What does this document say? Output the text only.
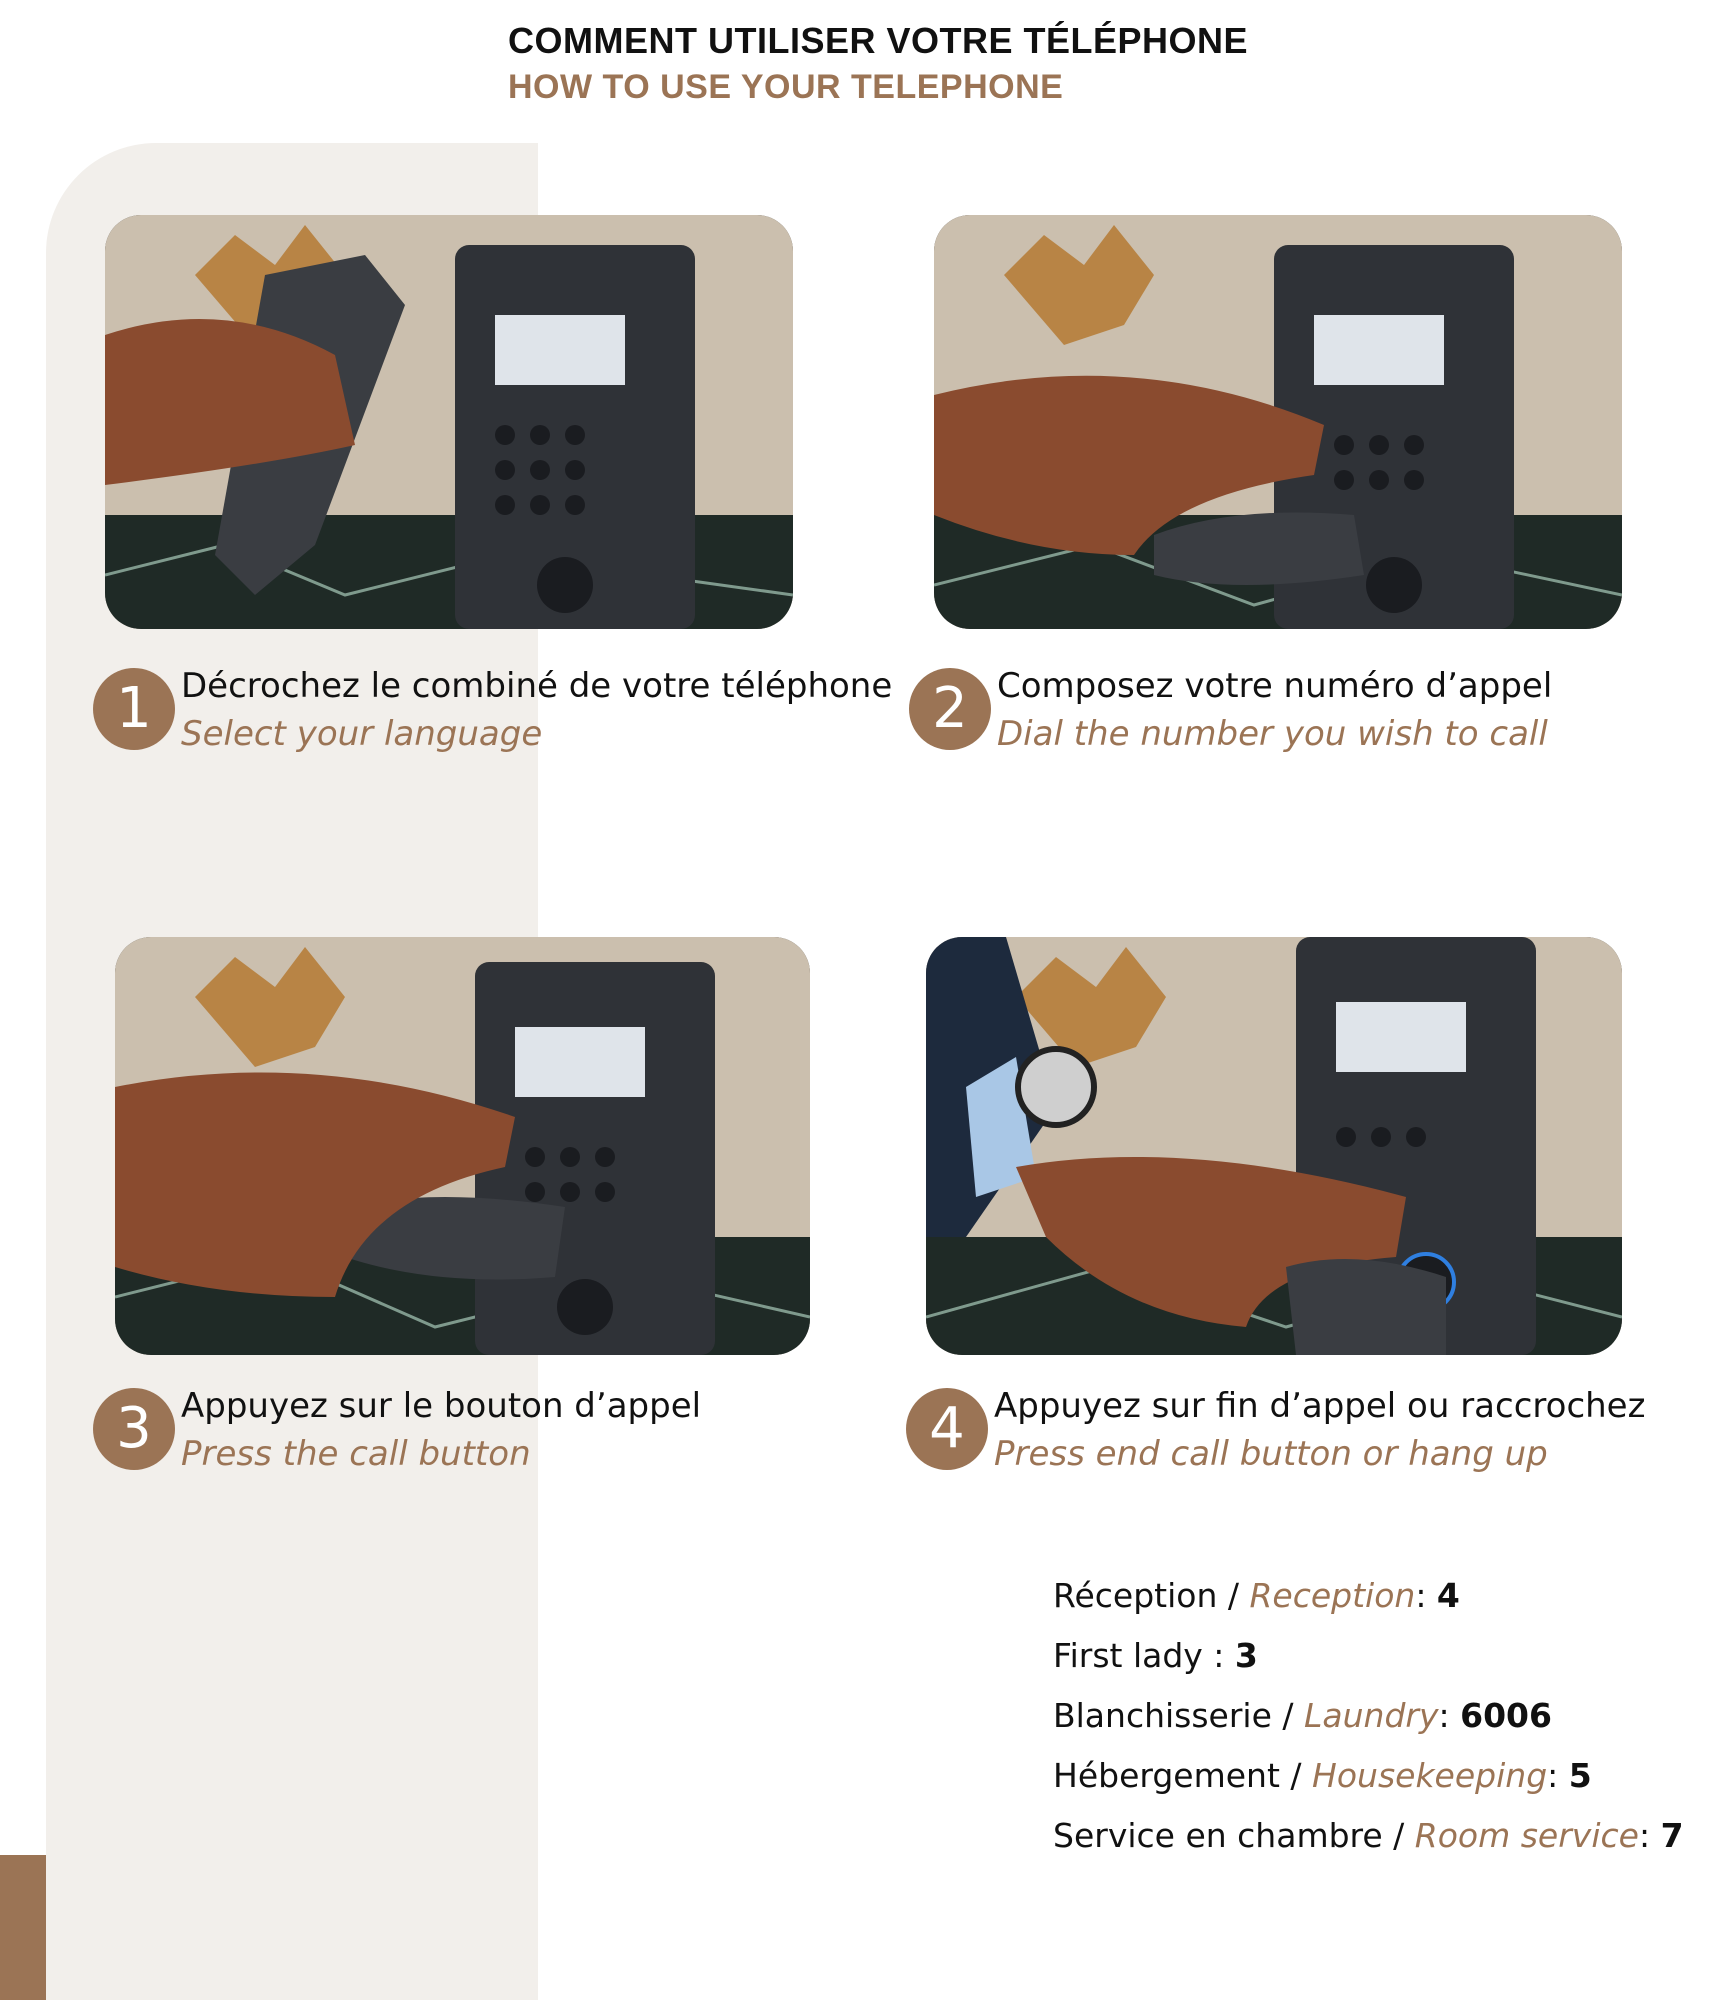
COMMENT UTILISER VOTRE TÉLÉPHONE
HOW TO USE YOUR TELEPHONE
1 Décrochez le combiné de votre téléphone
Select your language	2 Composez votre numéro d’appel
Dial the number you wish to call
3 Appuyez sur le bouton d’appel
Press the call button	4 Appuyez sur fin d’appel ou raccrochez
Press end call button or hang up
Réception / Reception: 4
First lady : 3
Blanchisserie / Laundry: 6006
Hébergement / Housekeeping: 5
Service en chambre / Room service: 7
